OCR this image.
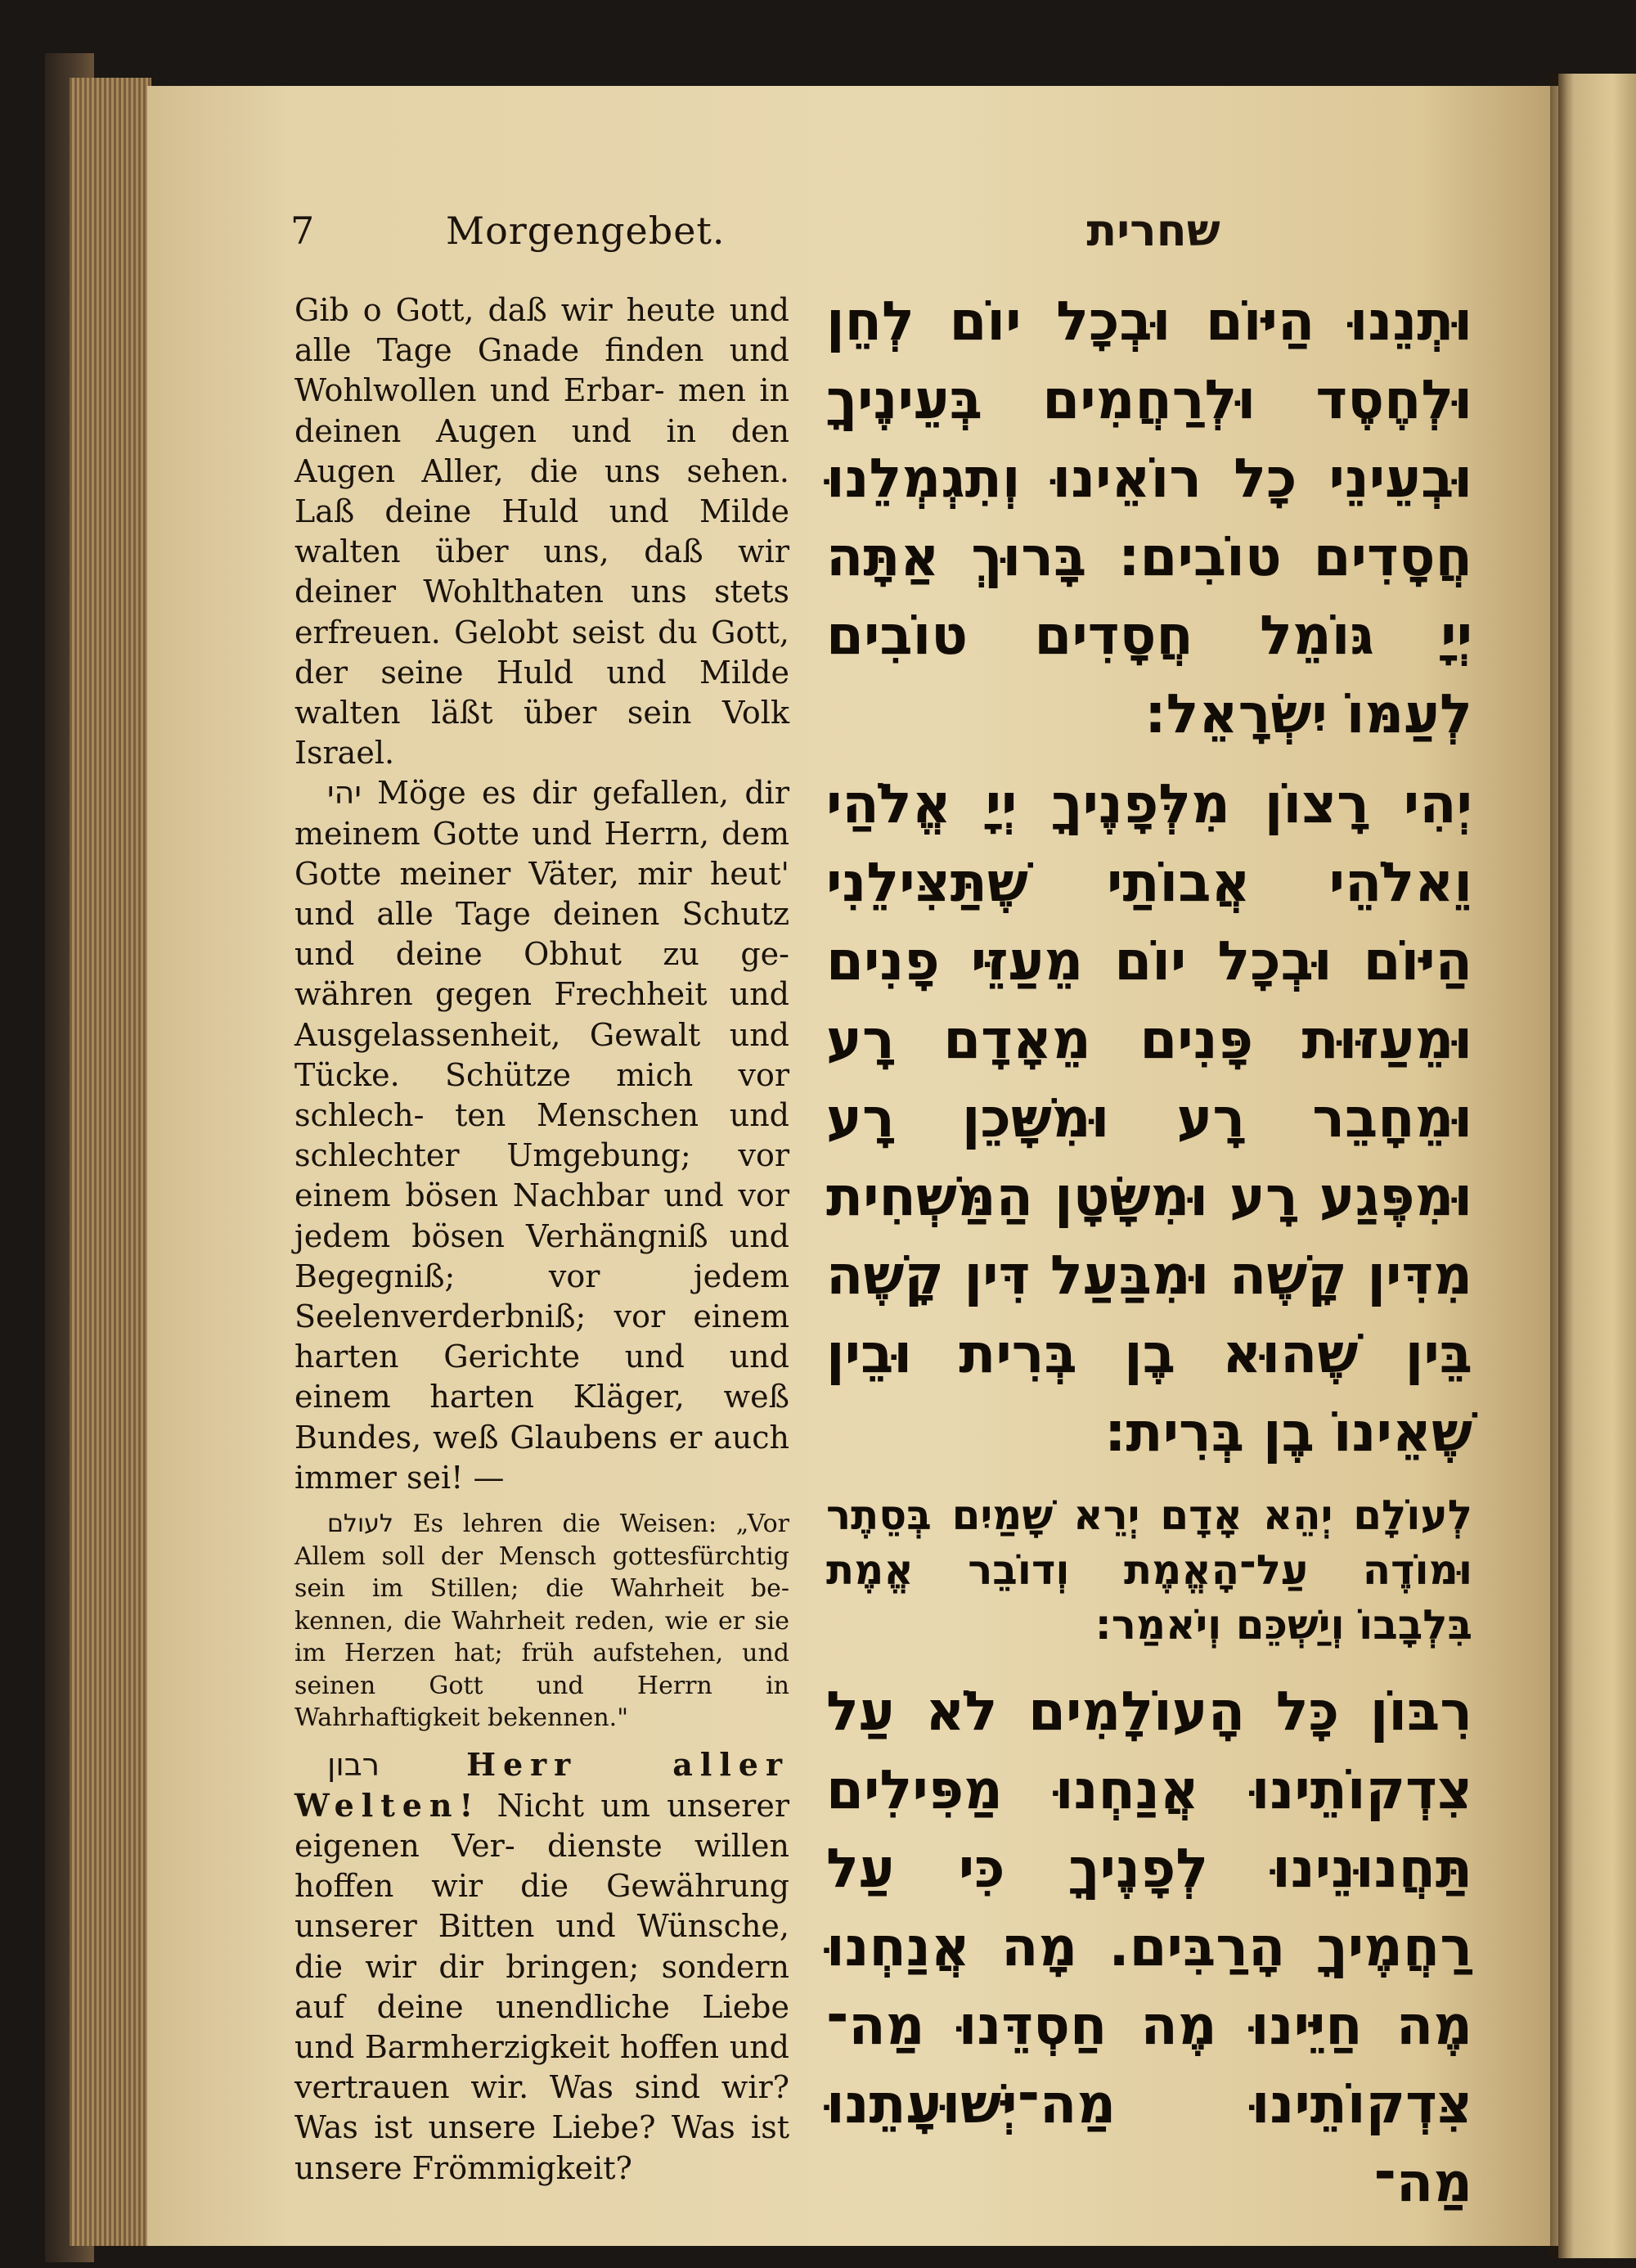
7	Morgengebet.	שחרית

Gib o Gott, daß wir heute und alle Tage Gnade finden und Wohlwollen und Erbar- men in deinen Augen und in den Augen Aller, die uns sehen. Laß deine Huld und Milde walten über uns, daß wir deiner Wohlthaten uns stets erfreuen. Gelobt seist du Gott, der seine Huld und Milde walten läßt über sein Volk Israel.

יהי Möge es dir gefallen, dir meinem Gotte und Herrn, dem Gotte meiner Väter, mir heut' und alle Tage deinen Schutz und deine Obhut zu ge- währen gegen Frechheit und Ausgelassenheit, Gewalt und Tücke. Schütze mich vor schlech- ten Menschen und schlechter Umgebung; vor einem bösen Nachbar und vor jedem bösen Verhängniß und Begegniß; vor jedem Seelenverderbniß; vor einem harten Gerichte und und einem harten Kläger, weß Bundes, weß Glaubens er auch immer sei! —

לעולם Es lehren die Weisen: „Vor Allem soll der Mensch gottesfürchtig sein im Stillen; die Wahrheit be- kennen, die Wahrheit reden, wie er sie im Herzen hat; früh aufstehen, und seinen Gott und Herrn in Wahrhaftigkeit bekennen."

רבון	Herr aller Welten! Nicht um unserer eigenen Ver- dienste willen hoffen wir die Gewährung unserer Bitten und Wünsche, die wir dir bringen; sondern auf deine unendliche Liebe und Barmherzigkeit hoffen und vertrauen wir. Was sind wir? Was ist unsere Liebe? Was ist unsere Frömmigkeit?

וּתְנֵנוּ הַיּוֹם וּבְכָל יוֹם לְחֵן וּלְחֶסֶד וּלְרַחֲמִים בְּעֵינֶיךָ וּבְעֵינֵי כָל רוֹאֵינוּ וְתִגְמְלֵנוּ חֲסָדִים טוֹבִים: בָּרוּךְ אַתָּה יְיָ גּוֹמֵל חֲסָדִים טוֹבִים לְעַמּוֹ יִשְׂרָאֵל:

יְהִי רָצוֹן מִלְּפָנֶיךָ יְיָ אֱלֹהַי וֵאלֹהֵי אֲבוֹתַי שֶׁתַּצִּילֵנִי הַיּוֹם וּבְכָל יוֹם מֵעַזֵּי פָנִים וּמֵעַזּוּת פָּנִים מֵאָדָם רָע וּמֵחָבֵר רָע וּמִשָּׁכֵן רָע וּמִפֶּגַע רָע וּמִשָּׂטָן הַמַּשְׁחִית מִדִּין קָשֶׁה וּמִבַּעַל דִּין קָשֶׁה בֵּין שֶׁהוּא בֶן בְּרִית וּבֵין שֶׁאֵינוֹ בֶן בְּרִית:

לְעוֹלָם יְהֵא אָדָם יְרֵא שָׁמַיִם בְּסֵתֶר וּמוֹדֶה עַל־הָאֱמֶת וְדוֹבֵר אֱמֶת בִּלְבָבוֹ וְיַשְׁכֵּם וְיֹאמַר:

רִבּוֹן כָּל הָעוֹלָמִים לֹא עַל צִדְקוֹתֵינוּ אֲנַחְנוּ מַפִּילִים תַּחֲנוּנֵינוּ לְפָנֶיךָ כִּי עַל רַחֲמֶיךָ הָרַבִּים. מָה אֲנַחְנוּ מֶה חַיֵּינוּ מֶה חַסְדֵּנוּ מַה־ צִּדְקוֹתֵינוּ מַה־יְּשׁוּעָתֵנוּ מַה־
